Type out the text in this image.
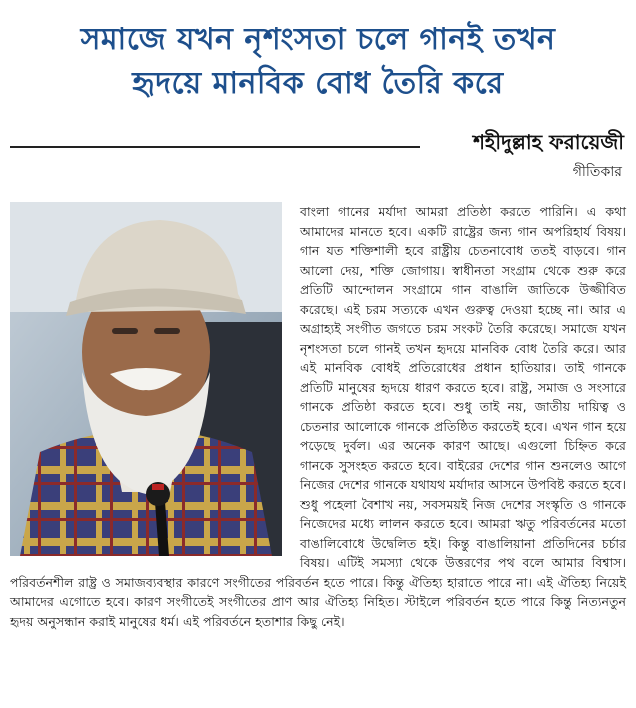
সমাজে যখন নৃশংসতা চলে গানই তখন
হৃদয়ে মানবিক বোধ তৈরি করে
শহীদুল্লাহ ফরায়েজী
গীতিকার

বাংলা গানের মর্যাদা আমরা প্রতিষ্ঠা করতে পারিনি। এ কথা আমাদের মানতে হবে। একটি রাষ্ট্রের জন্য গান অপরিহার্য বিষয়। গান যত শক্তিশালী হবে রাষ্ট্রীয় চেতনাবোধ ততই বাড়বে। গান আলো দেয়, শক্তি জোগায়। স্বাধীনতা সংগ্রাম থেকে শুরু করে প্রতিটি আন্দোলন সংগ্রামে গান বাঙালি জাতিকে উজ্জীবিত করেছে। এই চরম সত্যকে এখন গুরুত্ব দেওয়া হচ্ছে না। আর এ অগ্রাহ্যই সংগীত জগতে চরম সংকট তৈরি করেছে। সমাজে যখন নৃশংসতা চলে গানই তখন হৃদয়ে মানবিক বোধ তৈরি করে। আর এই মানবিক বোধই প্রতিরোধের প্রধান হাতিয়ার। তাই গানকে প্রতিটি মানুষের হৃদয়ে ধারণ করতে হবে। রাষ্ট্র, সমাজ ও সংসারে গানকে প্রতিষ্ঠা করতে হবে। শুধু তাই নয়, জাতীয় দায়িত্ব ও চেতনার আলোকে গানকে প্রতিষ্ঠিত করতেই হবে। এখন গান হয়ে পড়েছে দুর্বল। এর অনেক কারণ আছে। এগুলো চিহ্নিত করে গানকে সুসংহত করতে হবে। বাইরের দেশের গান শুনলেও আগে নিজের দেশের গানকে যথাযথ মর্যাদার আসনে উপবিষ্ট করতে হবে। শুধু পহেলা বৈশাখ নয়, সবসময়ই নিজ দেশের সংস্কৃতি ও গানকে নিজেদের মধ্যে লালন করতে হবে। আমরা ঋতু পরিবর্তনের মতো বাঙালিবোধে উদ্বেলিত হই। কিন্তু বাঙালিয়ানা প্রতিদিনের চর্চার বিষয়। এটিই সমস্যা থেকে উত্তরণের পথ বলে আমার বিশ্বাস। পরিবর্তনশীল রাষ্ট্র ও সমাজব্যবস্থার কারণে সংগীতের পরিবর্তন হতে পারে। কিন্তু ঐতিহ্য হারাতে পারে না। এই ঐতিহ্য নিয়েই আমাদের এগোতে হবে। কারণ সংগীতেই সংগীতের প্রাণ আর ঐতিহ্য নিহিত। স্টাইলে পরিবর্তন হতে পারে কিন্তু নিত্যনতুন হৃদয় অনুসন্ধান করাই মানুষের ধর্ম। এই পরিবর্তনে হতাশার কিছু নেই।
